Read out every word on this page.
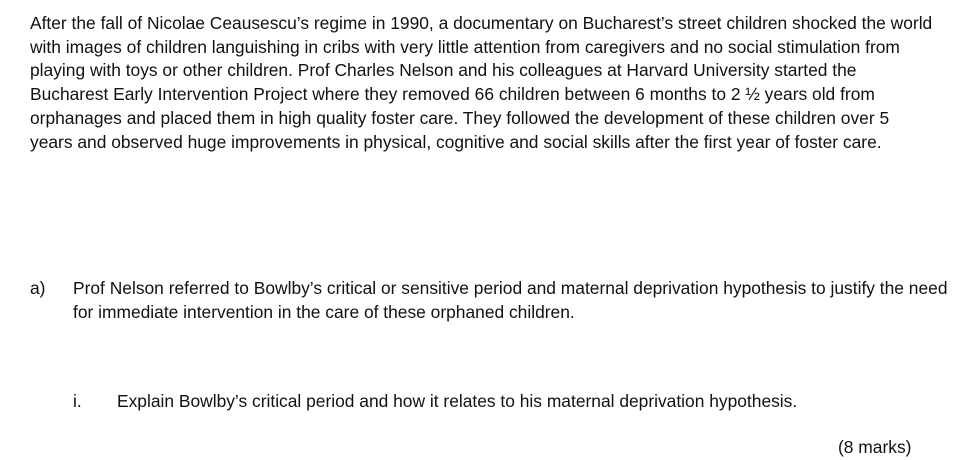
After the fall of Nicolae Ceausescu’s regime in 1990, a documentary on Bucharest’s street children shocked the world with images of children languishing in cribs with very little attention from caregivers and no social stimulation from playing with toys or other children. Prof Charles Nelson and his colleagues at Harvard University started the Bucharest Early Intervention Project where they removed 66 children between 6 months to 2 ½ years old from orphanages and placed them in high quality foster care. They followed the development of these children over 5 years and observed huge improvements in physical, cognitive and social skills after the first year of foster care.

a) Prof Nelson referred to Bowlby’s critical or sensitive period and maternal deprivation hypothesis to justify the need for immediate intervention in the care of these orphaned children.

i. Explain Bowlby’s critical period and how it relates to his maternal deprivation hypothesis.

(8 marks)
